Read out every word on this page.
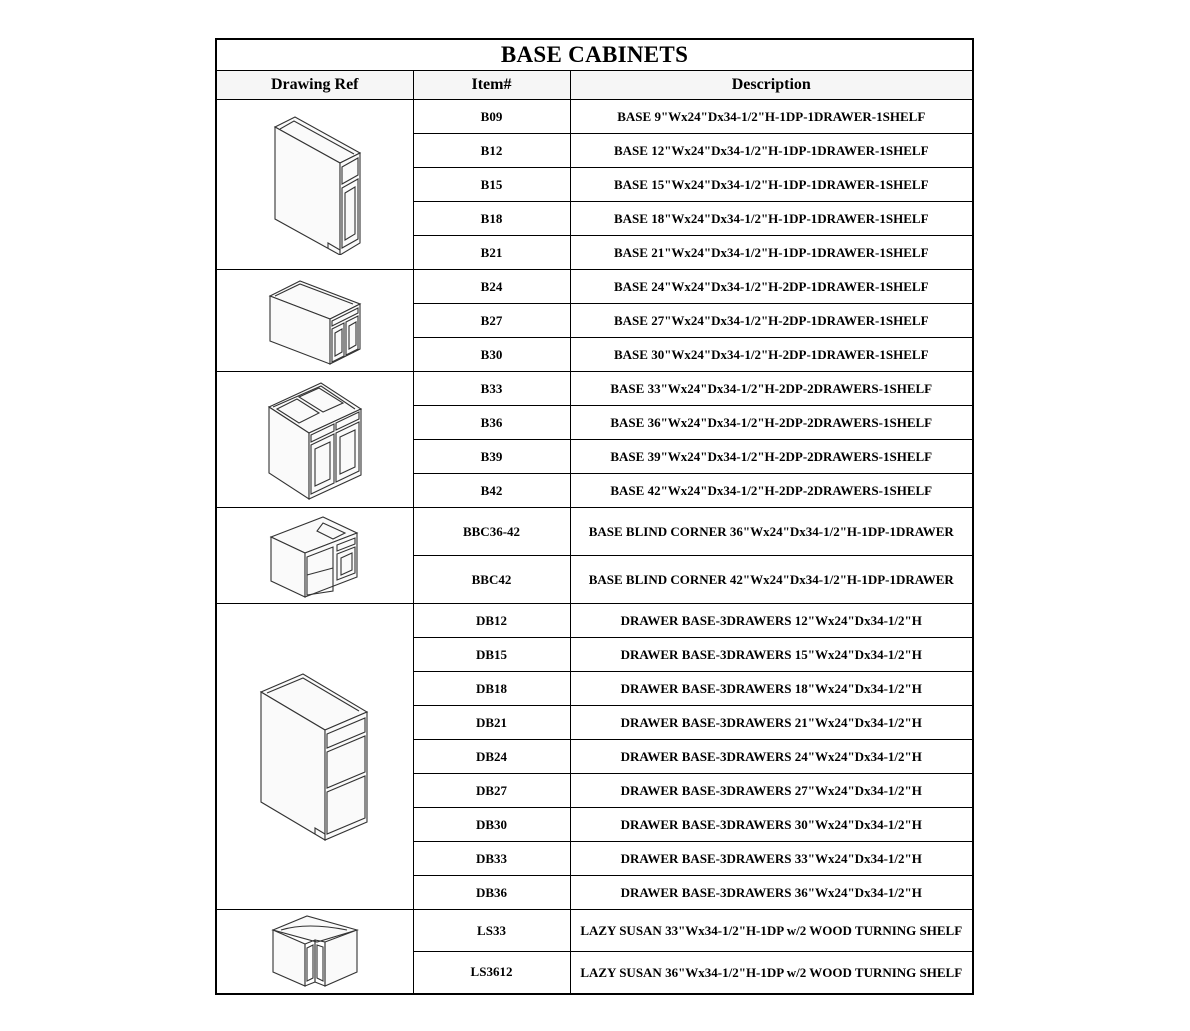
BASE CABINETS		
Drawing Ref	Item#	Description

	B09	BASE 9"Wx24"Dx34-1/2"H-1DP-1DRAWER-1SHELF
	B12	BASE 12"Wx24"Dx34-1/2"H-1DP-1DRAWER-1SHELF
	B15	BASE 15"Wx24"Dx34-1/2"H-1DP-1DRAWER-1SHELF
	B18	BASE 18"Wx24"Dx34-1/2"H-1DP-1DRAWER-1SHELF
	B21	BASE 21"Wx24"Dx34-1/2"H-1DP-1DRAWER-1SHELF

	B24	BASE 24"Wx24"Dx34-1/2"H-2DP-1DRAWER-1SHELF
	B27	BASE 27"Wx24"Dx34-1/2"H-2DP-1DRAWER-1SHELF
	B30	BASE 30"Wx24"Dx34-1/2"H-2DP-1DRAWER-1SHELF

	B33	BASE 33"Wx24"Dx34-1/2"H-2DP-2DRAWERS-1SHELF
	B36	BASE 36"Wx24"Dx34-1/2"H-2DP-2DRAWERS-1SHELF
	B39	BASE 39"Wx24"Dx34-1/2"H-2DP-2DRAWERS-1SHELF
	B42	BASE 42"Wx24"Dx34-1/2"H-2DP-2DRAWERS-1SHELF

	BBC36-42	BASE BLIND CORNER 36"Wx24"Dx34-1/2"H-1DP-1DRAWER
	BBC42	BASE BLIND CORNER 42"Wx24"Dx34-1/2"H-1DP-1DRAWER

	DB12	DRAWER BASE-3DRAWERS 12"Wx24"Dx34-1/2"H
	DB15	DRAWER BASE-3DRAWERS 15"Wx24"Dx34-1/2"H
	DB18	DRAWER BASE-3DRAWERS 18"Wx24"Dx34-1/2"H
	DB21	DRAWER BASE-3DRAWERS 21"Wx24"Dx34-1/2"H
	DB24	DRAWER BASE-3DRAWERS 24"Wx24"Dx34-1/2"H
	DB27	DRAWER BASE-3DRAWERS 27"Wx24"Dx34-1/2"H
	DB30	DRAWER BASE-3DRAWERS 30"Wx24"Dx34-1/2"H
	DB33	DRAWER BASE-3DRAWERS 33"Wx24"Dx34-1/2"H
	DB36	DRAWER BASE-3DRAWERS 36"Wx24"Dx34-1/2"H

	LS33	LAZY SUSAN 33"Wx34-1/2"H-1DP w/2 WOOD TURNING SHELF
	LS3612	LAZY SUSAN 36"Wx34-1/2"H-1DP w/2 WOOD TURNING SHELF
